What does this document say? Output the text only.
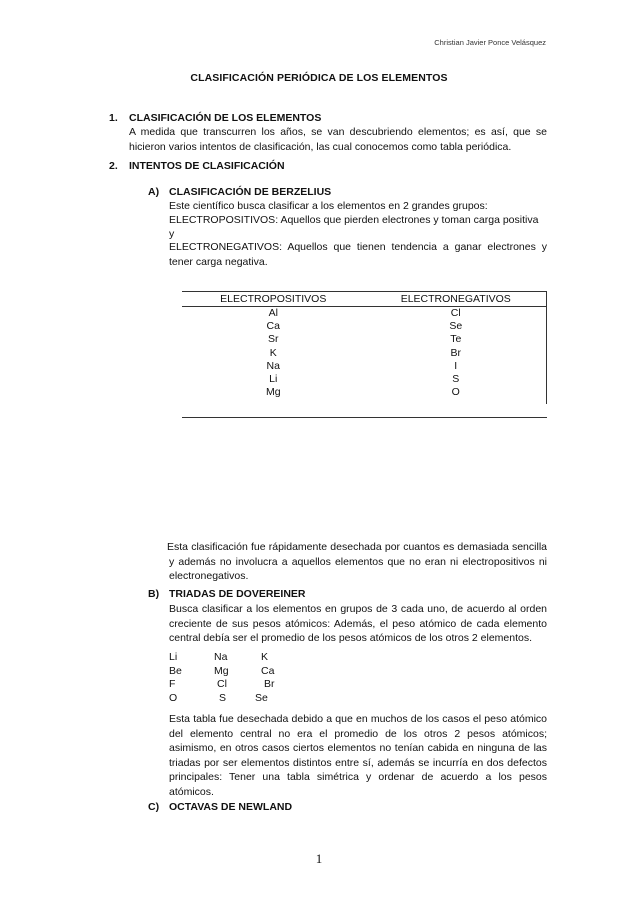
Christian Javier Ponce Velásquez
CLASIFICACIÓN PERIÓDICA DE LOS ELEMENTOS
1. CLASIFICACIÓN DE LOS ELEMENTOS
A medida que transcurren los años, se van descubriendo elementos; es así, que se hicieron varios intentos de clasificación, las cual conocemos como tabla periódica.
2. INTENTOS DE CLASIFICACIÓN
A) CLASIFICACIÓN DE BERZELIUS
Este científico busca clasificar a los elementos en 2 grandes grupos:
ELECTROPOSITIVOS: Aquellos que pierden electrones y toman carga positiva
y
ELECTRONEGATIVOS: Aquellos que tienen tendencia a ganar electrones y tener carga negativa.
ELECTROPOSITIVOS	ELECTRONEGATIVOS
Al	Cl
Ca	Se
Sr	Te
K	Br
Na	I
Li	S
Mg	O

Esta clasificación fue rápidamente desechada por cuantos es demasiada sencilla y además no involucra a aquellos elementos que no eran ni electropositivos ni electronegativos.
B) TRIADAS DE DOVEREINER
Busca clasificar a los elementos en grupos de 3 cada uno, de acuerdo al orden creciente de sus pesos atómicos: Además, el peso atómico de cada elemento central debía ser el promedio de los pesos atómicos de los otros 2 elementos.
Li	Na	K
Be	Mg	Ca
F	Cl	Br
O	S	Se
Esta tabla fue desechada debido a que en muchos de los casos el peso atómico del elemento central no era el promedio de los otros 2 pesos atómicos; asimismo, en otros casos ciertos elementos no tenían cabida en ninguna de las triadas por ser elementos distintos entre sí, además se incurría en dos defectos principales: Tener una tabla simétrica y ordenar de acuerdo a los pesos atómicos.
C) OCTAVAS DE NEWLAND
1
